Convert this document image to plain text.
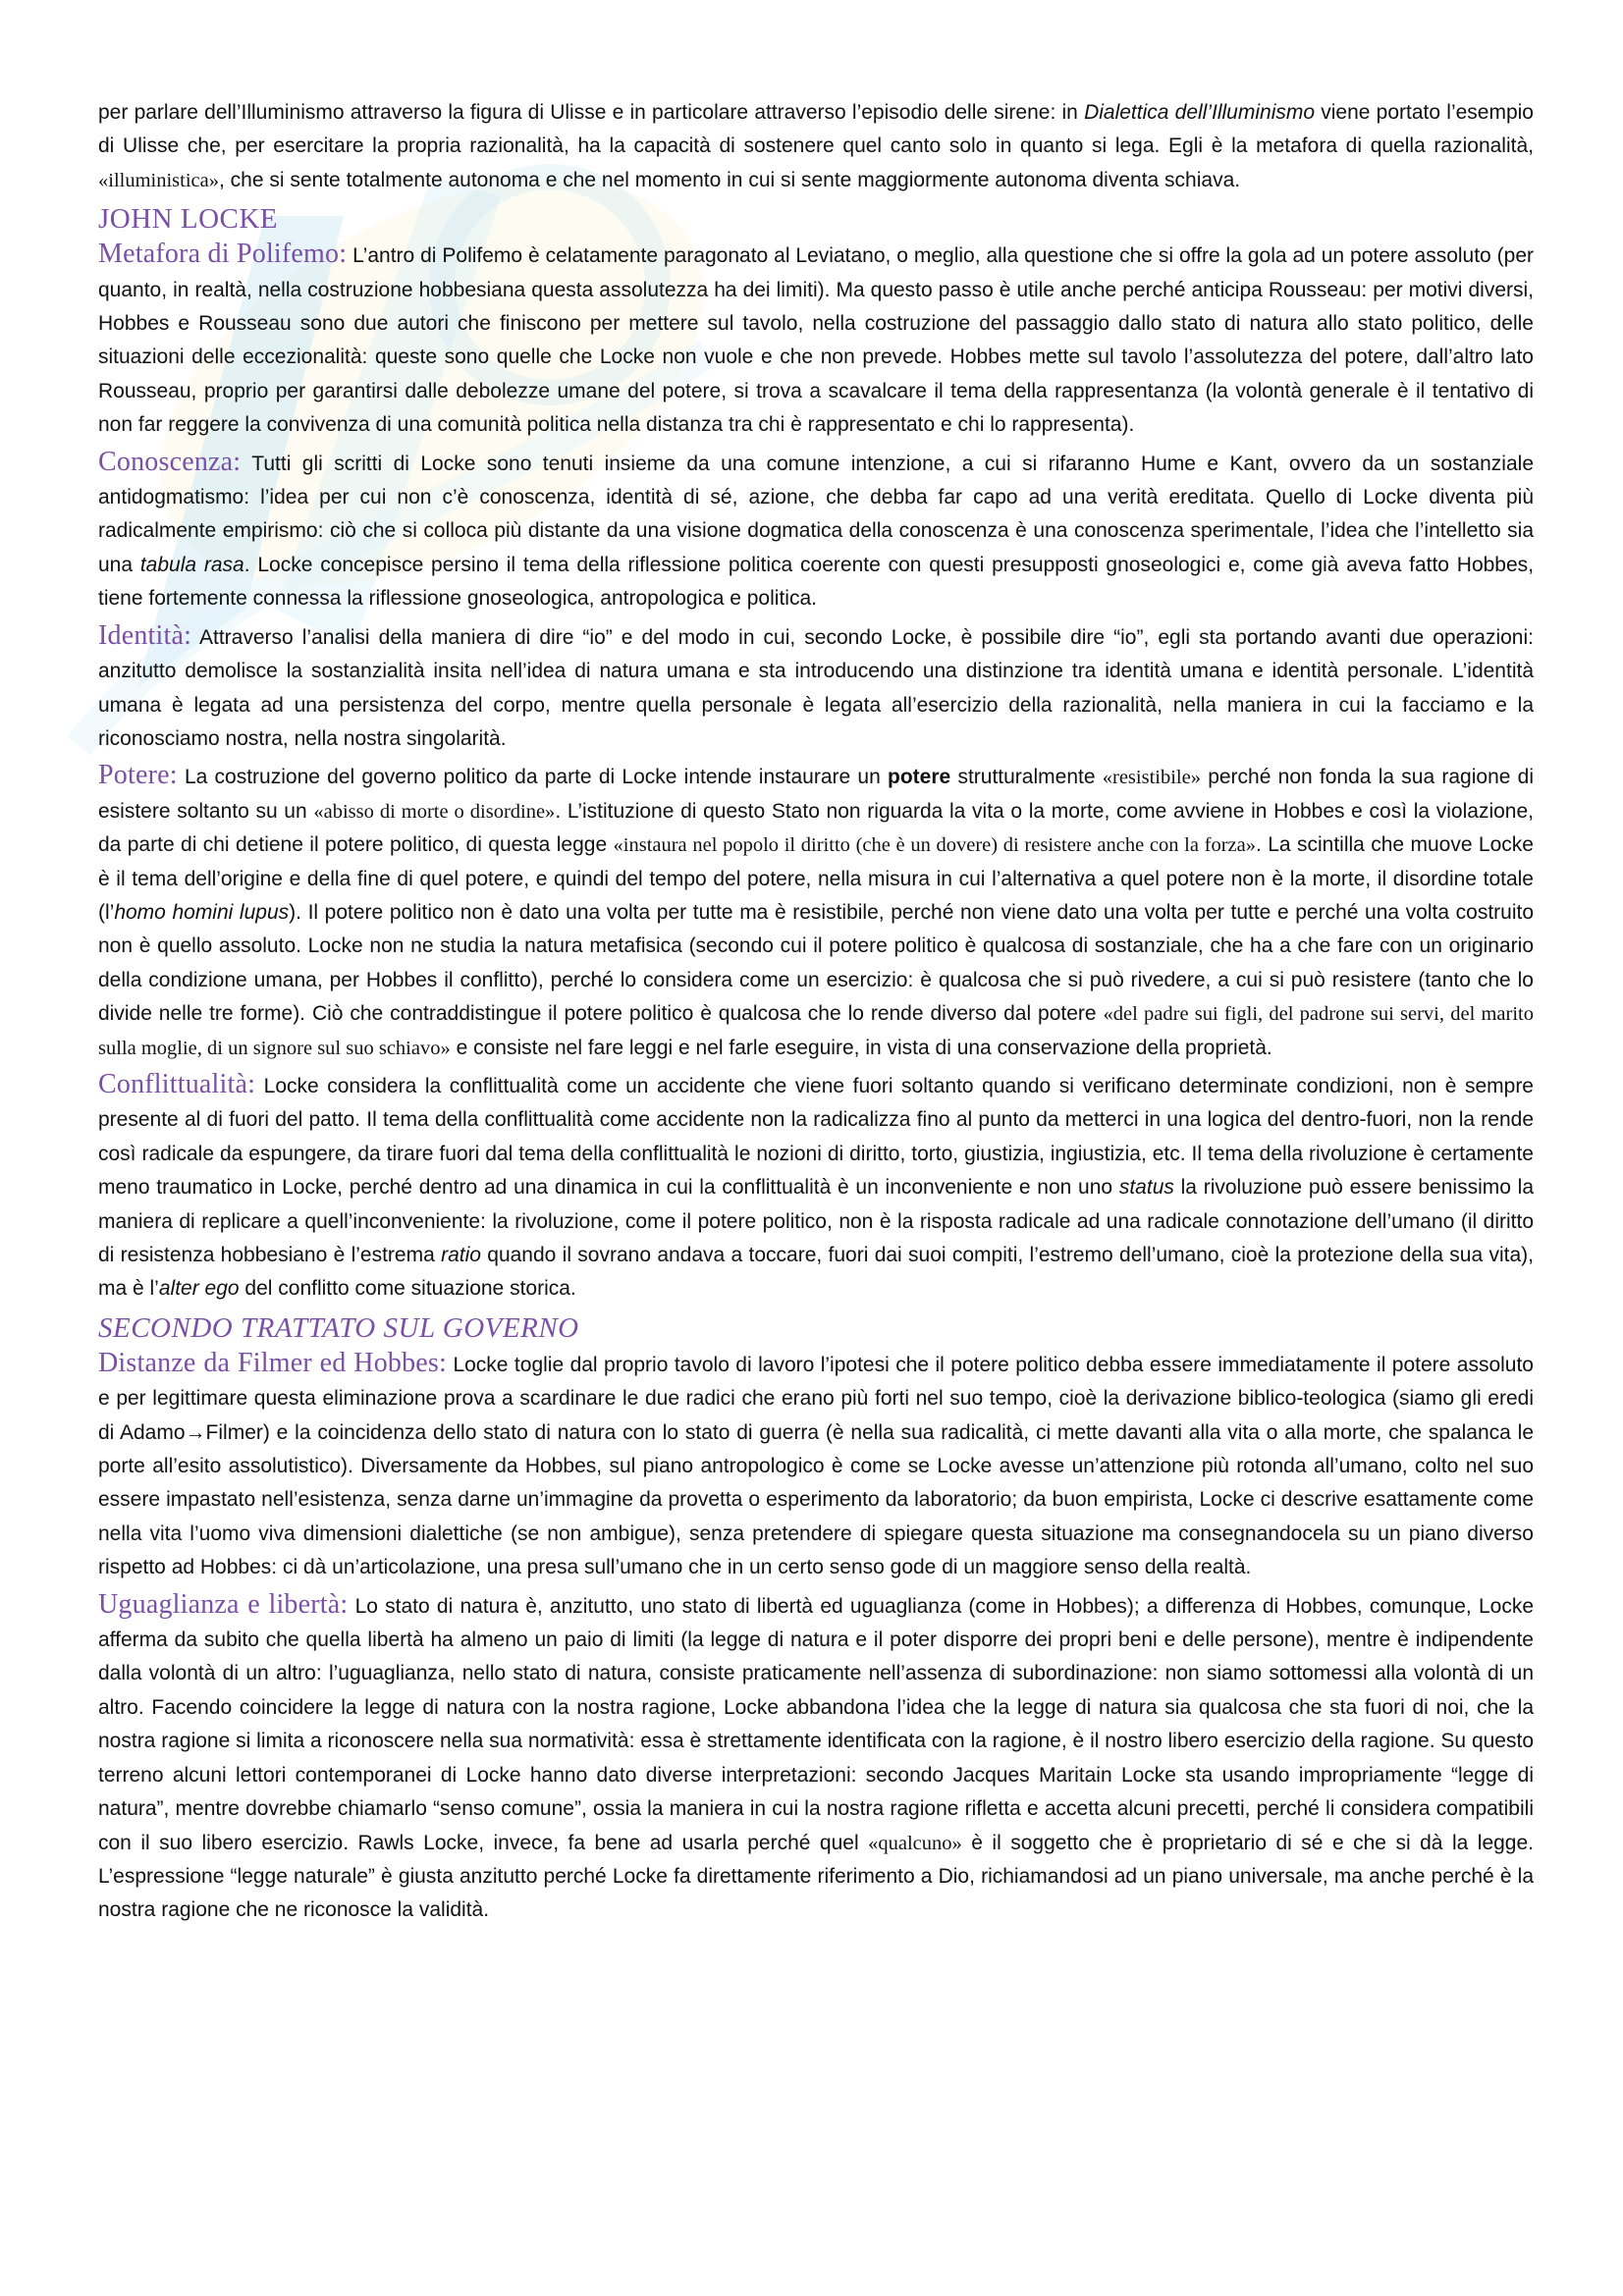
per parlare dell’Illuminismo attraverso la figura di Ulisse e in particolare attraverso l’episodio delle sirene: in Dialettica dell’Illuminismo viene portato l’esempio di Ulisse che, per esercitare la propria razionalità, ha la capacità di sostenere quel canto solo in quanto si lega. Egli è la metafora di quella razionalità, «illuministica», che si sente totalmente autonoma e che nel momento in cui si sente maggiormente autonoma diventa schiava.

JOHN LOCKE

Metafora di Polifemo: L’antro di Polifemo è celatamente paragonato al Leviatano, o meglio, alla questione che si offre la gola ad un potere assoluto (per quanto, in realtà, nella costruzione hobbesiana questa assolutezza ha dei limiti). Ma questo passo è utile anche perché anticipa Rousseau: per motivi diversi, Hobbes e Rousseau sono due autori che finiscono per mettere sul tavolo, nella costruzione del passaggio dallo stato di natura allo stato politico, delle situazioni delle eccezionalità: queste sono quelle che Locke non vuole e che non prevede. Hobbes mette sul tavolo l’assolutezza del potere, dall’altro lato Rousseau, proprio per garantirsi dalle debolezze umane del potere, si trova a scavalcare il tema della rappresentanza (la volontà generale è il tentativo di non far reggere la convivenza di una comunità politica nella distanza tra chi è rappresentato e chi lo rappresenta).

Conoscenza: Tutti gli scritti di Locke sono tenuti insieme da una comune intenzione, a cui si rifaranno Hume e Kant, ovvero da un sostanziale antidogmatismo: l’idea per cui non c’è conoscenza, identità di sé, azione, che debba far capo ad una verità ereditata. Quello di Locke diventa più radicalmente empirismo: ciò che si colloca più distante da una visione dogmatica della conoscenza è una conoscenza sperimentale, l’idea che l’intelletto sia una tabula rasa. Locke concepisce persino il tema della riflessione politica coerente con questi presupposti gnoseologici e, come già aveva fatto Hobbes, tiene fortemente connessa la riflessione gnoseologica, antropologica e politica.

Identità: Attraverso l’analisi della maniera di dire “io” e del modo in cui, secondo Locke, è possibile dire “io”, egli sta portando avanti due operazioni: anzitutto demolisce la sostanzialità insita nell’idea di natura umana e sta introducendo una distinzione tra identità umana e identità personale. L’identità umana è legata ad una persistenza del corpo, mentre quella personale è legata all’esercizio della razionalità, nella maniera in cui la facciamo e la riconosciamo nostra, nella nostra singolarità.

Potere: La costruzione del governo politico da parte di Locke intende instaurare un potere strutturalmente «resistibile» perché non fonda la sua ragione di esistere soltanto su un «abisso di morte o disordine». L’istituzione di questo Stato non riguarda la vita o la morte, come avviene in Hobbes e così la violazione, da parte di chi detiene il potere politico, di questa legge «instaura nel popolo il diritto (che è un dovere) di resistere anche con la forza». La scintilla che muove Locke è il tema dell’origine e della fine di quel potere, e quindi del tempo del potere, nella misura in cui l’alternativa a quel potere non è la morte, il disordine totale (l’homo homini lupus). Il potere politico non è dato una volta per tutte ma è resistibile, perché non viene dato una volta per tutte e perché una volta costruito non è quello assoluto. Locke non ne studia la natura metafisica (secondo cui il potere politico è qualcosa di sostanziale, che ha a che fare con un originario della condizione umana, per Hobbes il conflitto), perché lo considera come un esercizio: è qualcosa che si può rivedere, a cui si può resistere (tanto che lo divide nelle tre forme). Ciò che contraddistingue il potere politico è qualcosa che lo rende diverso dal potere «del padre sui figli, del padrone sui servi, del marito sulla moglie, di un signore sul suo schiavo» e consiste nel fare leggi e nel farle eseguire, in vista di una conservazione della proprietà.

Conflittualità: Locke considera la conflittualità come un accidente che viene fuori soltanto quando si verificano determinate condizioni, non è sempre presente al di fuori del patto. Il tema della conflittualità come accidente non la radicalizza fino al punto da metterci in una logica del dentro-fuori, non la rende così radicale da espungere, da tirare fuori dal tema della conflittualità le nozioni di diritto, torto, giustizia, ingiustizia, etc. Il tema della rivoluzione è certamente meno traumatico in Locke, perché dentro ad una dinamica in cui la conflittualità è un inconveniente e non uno status la rivoluzione può essere benissimo la maniera di replicare a quell’inconveniente: la rivoluzione, come il potere politico, non è la risposta radicale ad una radicale connotazione dell’umano (il diritto di resistenza hobbesiano è l’estrema ratio quando il sovrano andava a toccare, fuori dai suoi compiti, l’estremo dell’umano, cioè la protezione della sua vita), ma è l’alter ego del conflitto come situazione storica.

SECONDO TRATTATO SUL GOVERNO

Distanze da Filmer ed Hobbes: Locke toglie dal proprio tavolo di lavoro l’ipotesi che il potere politico debba essere immediatamente il potere assoluto e per legittimare questa eliminazione prova a scardinare le due radici che erano più forti nel suo tempo, cioè la derivazione biblico-teologica (siamo gli eredi di Adamo→Filmer) e la coincidenza dello stato di natura con lo stato di guerra (è nella sua radicalità, ci mette davanti alla vita o alla morte, che spalanca le porte all’esito assolutistico). Diversamente da Hobbes, sul piano antropologico è come se Locke avesse un’attenzione più rotonda all’umano, colto nel suo essere impastato nell’esistenza, senza darne un’immagine da provetta o esperimento da laboratorio; da buon empirista, Locke ci descrive esattamente come nella vita l’uomo viva dimensioni dialettiche (se non ambigue), senza pretendere di spiegare questa situazione ma consegnandocela su un piano diverso rispetto ad Hobbes: ci dà un’articolazione, una presa sull’umano che in un certo senso gode di un maggiore senso della realtà.

Uguaglianza e libertà: Lo stato di natura è, anzitutto, uno stato di libertà ed uguaglianza (come in Hobbes); a differenza di Hobbes, comunque, Locke afferma da subito che quella libertà ha almeno un paio di limiti (la legge di natura e il poter disporre dei propri beni e delle persone), mentre è indipendente dalla volontà di un altro: l’uguaglianza, nello stato di natura, consiste praticamente nell’assenza di subordinazione: non siamo sottomessi alla volontà di un altro. Facendo coincidere la legge di natura con la nostra ragione, Locke abbandona l’idea che la legge di natura sia qualcosa che sta fuori di noi, che la nostra ragione si limita a riconoscere nella sua normatività: essa è strettamente identificata con la ragione, è il nostro libero esercizio della ragione. Su questo terreno alcuni lettori contemporanei di Locke hanno dato diverse interpretazioni: secondo Jacques Maritain Locke sta usando impropriamente “legge di natura”, mentre dovrebbe chiamarlo “senso comune”, ossia la maniera in cui la nostra ragione rifletta e accetta alcuni precetti, perché li considera compatibili con il suo libero esercizio. Rawls Locke, invece, fa bene ad usarla perché quel «qualcuno» è il soggetto che è proprietario di sé e che si dà la legge. L’espressione “legge naturale” è giusta anzitutto perché Locke fa direttamente riferimento a Dio, richiamandosi ad un piano universale, ma anche perché è la nostra ragione che ne riconosce la validità.
